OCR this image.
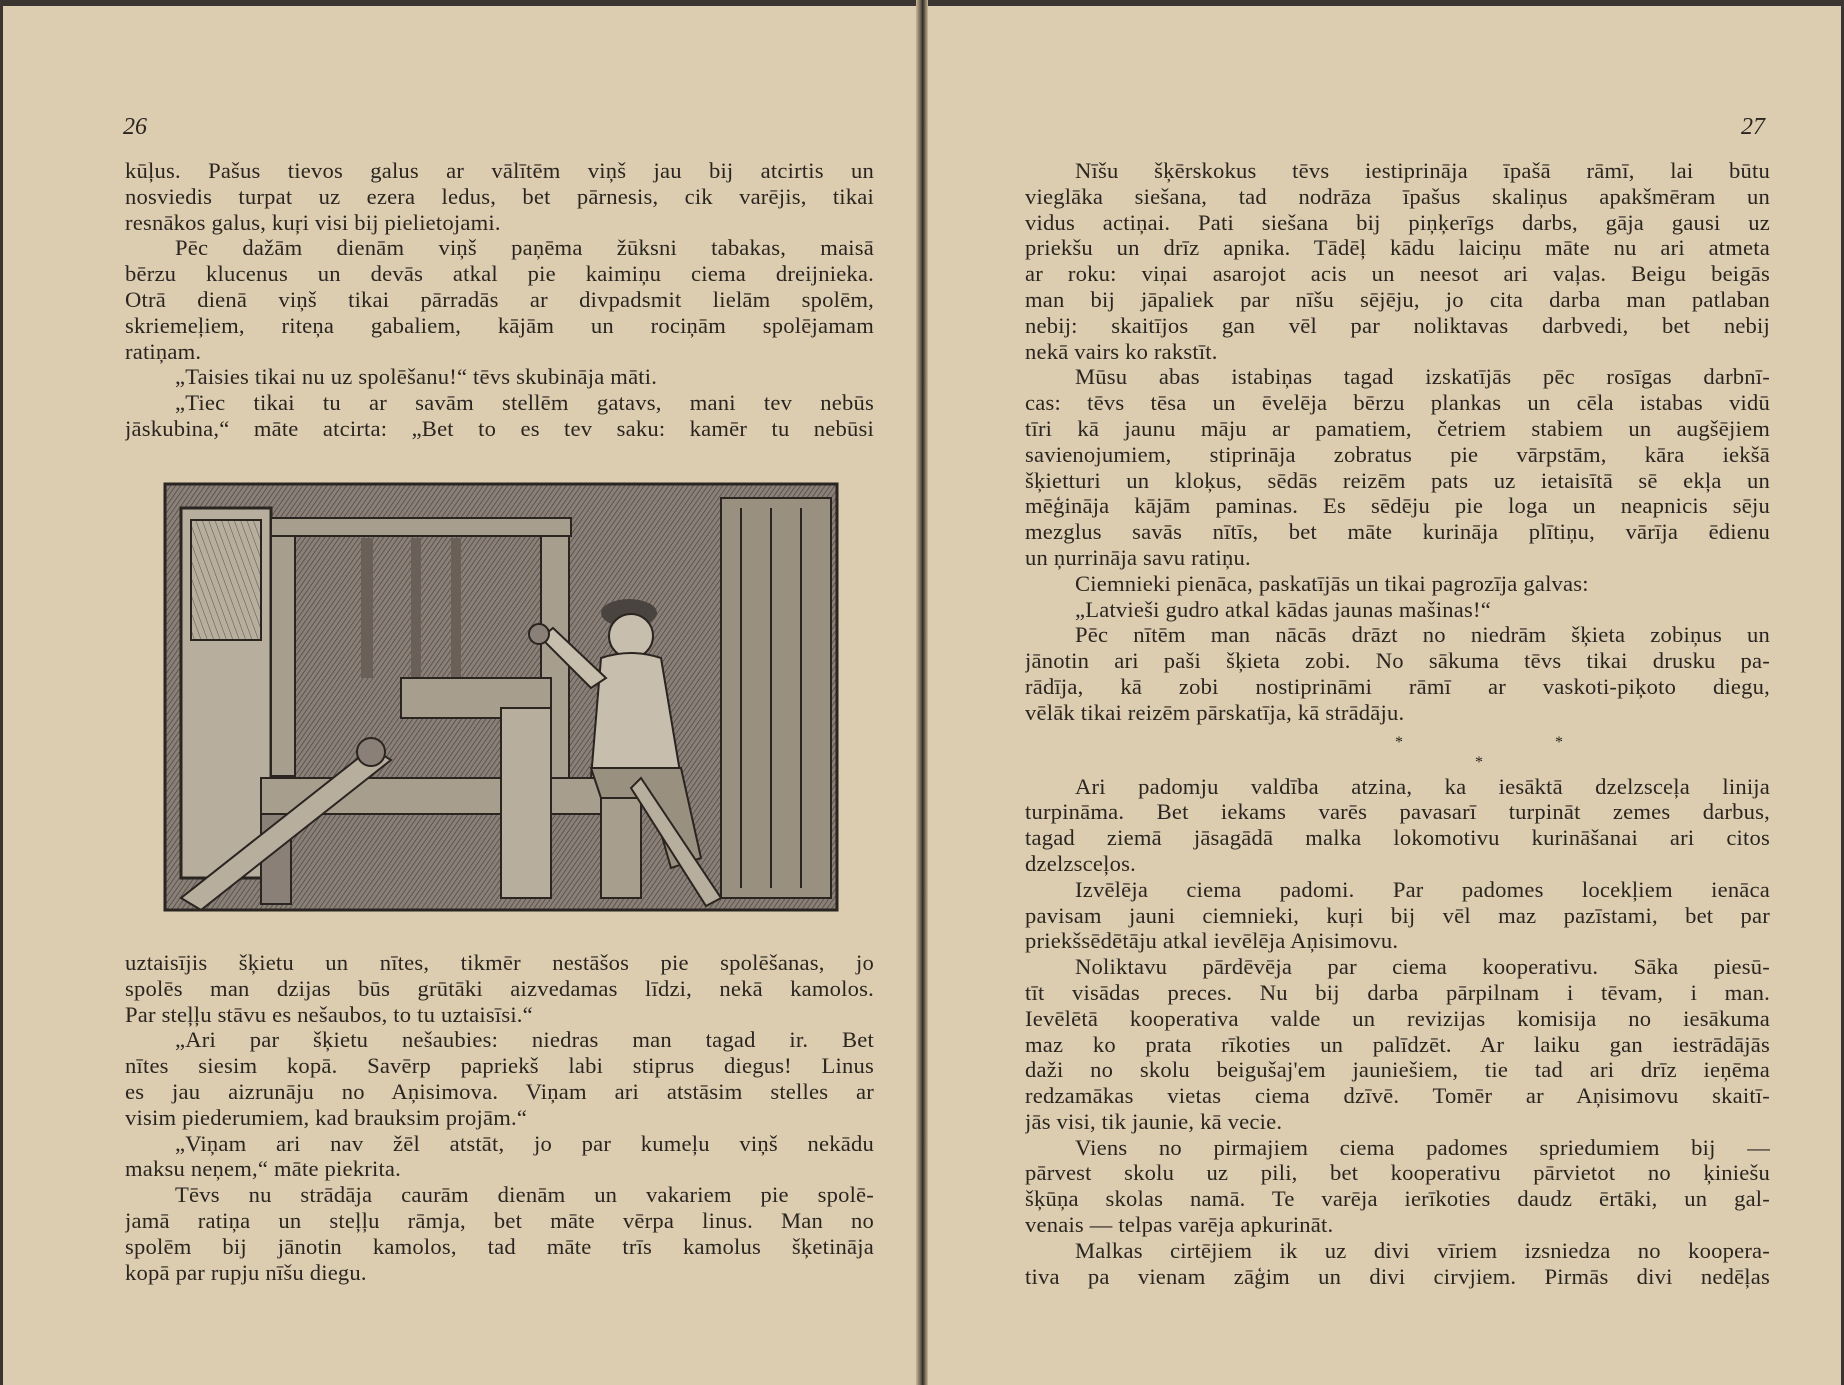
26
kūļus. Pašus tievos galus ar vālītēm viņš jau bij atcirtis un
nosviedis turpat uz ezera ledus, bet pārnesis, cik varējis, tikai
resnākos galus, kuŗi visi bij pielietojami.
Pēc dažām dienām viņš paņēma žūksni tabakas, maisā
bērzu klucenus un devās atkal pie kaimiņu ciema dreijnieka.
Otrā dienā viņš tikai pārradās ar divpadsmit lielām spolēm,
skriemeļiem, riteņa gabaliem, kājām un rociņām spolējamam
ratiņam.
„Taisies tikai nu uz spolēšanu!“ tēvs skubināja māti.
„Tiec tikai tu ar savām stellēm gatavs, mani tev nebūs
jāskubina,“ māte atcirta: „Bet to es tev saku: kamēr tu nebūsi
uztaisījis šķietu un nītes, tikmēr nestāšos pie spolēšanas, jo
spolēs man dzijas būs grūtāki aizvedamas līdzi, nekā kamolos.
Par steļļu stāvu es nešaubos, to tu uztaisīsi.“
„Ari par šķietu nešaubies: niedras man tagad ir. Bet
nītes siesim kopā. Savērp papriekš labi stiprus diegus! Linus
es jau aizrunāju no Aņisimova. Viņam ari atstāsim stelles ar
visim piederumiem, kad brauksim projām.“
„Viņam ari nav žēl atstāt, jo par kumeļu viņš nekādu
maksu neņem,“ māte piekrita.
Tēvs nu strādāja caurām dienām un vakariem pie spolē-
jamā ratiņa un steļļu rāmja, bet māte vērpa linus. Man no
spolēm bij jānotin kamolos, tad māte trīs kamolus šķetināja
kopā par rupju nīšu diegu.
27
Nīšu šķērskokus tēvs iestiprināja īpašā rāmī, lai būtu
vieglāka siešana, tad nodrāza īpašus skaliņus apakšmēram un
vidus actiņai. Pati siešana bij piņķerīgs darbs, gāja gausi uz
priekšu un drīz apnika. Tādēļ kādu laiciņu māte nu ari atmeta
ar roku: viņai asarojot acis un neesot ari vaļas. Beigu beigās
man bij jāpaliek par nīšu sējēju, jo cita darba man patlaban
nebij: skaitījos gan vēl par noliktavas darbvedi, bet nebij
nekā vairs ko rakstīt.
Mūsu abas istabiņas tagad izskatījās pēc rosīgas darbnī-
cas: tēvs tēsa un ēvelēja bērzu plankas un cēla istabas vidū
tīri kā jaunu māju ar pamatiem, četriem stabiem un augšējiem
savienojumiem, stiprināja zobratus pie vārpstām, kāra iekšā
šķietturi un kloķus, sēdās reizēm pats uz ietaisītā sē ekļa un
mēģināja kājām paminas. Es sēdēju pie loga un neapnicis sēju
mezglus savās nītīs, bet māte kurināja plītiņu, vārīja ēdienu
un ņurrināja savu ratiņu.
Ciemnieki pienāca, paskatījās un tikai pagrozīja galvas:
„Latvieši gudro atkal kādas jaunas mašinas!“
Pēc nītēm man nācās drāzt no niedrām šķieta zobiņus un
jānotin ari paši šķieta zobi. No sākuma tēvs tikai drusku pa-
rādīja, kā zobi nostiprināmi rāmī ar vaskoti-piķoto diegu,
vēlāk tikai reizēm pārskatīja, kā strādāju.
*
*
*
Ari padomju valdība atzina, ka iesāktā dzelzsceļa linija
turpināma. Bet iekams varēs pavasarī turpināt zemes darbus,
tagad ziemā jāsagādā malka lokomotivu kurināšanai ari citos
dzelzsceļos.
Izvēlēja ciema padomi. Par padomes locekļiem ienāca
pavisam jauni ciemnieki, kuŗi bij vēl maz pazīstami, bet par
priekšsēdētāju atkal ievēlēja Aņisimovu.
Noliktavu pārdēvēja par ciema kooperativu. Sāka piesū-
tīt visādas preces. Nu bij darba pārpilnam i tēvam, i man.
Ievēlētā kooperativa valde un revizijas komisija no iesākuma
maz ko prata rīkoties un palīdzēt. Ar laiku gan iestrādājās
daži no skolu beigušaj'em jauniešiem, tie tad ari drīz ieņēma
redzamākas vietas ciema dzīvē. Tomēr ar Aņisimovu skaitī-
jās visi, tik jaunie, kā vecie.
Viens no pirmajiem ciema padomes spriedumiem bij —
pārvest skolu uz pili, bet kooperativu pārvietot no ķiniešu
šķūņa skolas namā. Te varēja ierīkoties daudz ērtāki, un gal-
venais — telpas varēja apkurināt.
Malkas cirtējiem ik uz divi vīriem izsniedza no koopera-
tiva pa vienam zāģim un divi cirvjiem. Pirmās divi nedēļas
